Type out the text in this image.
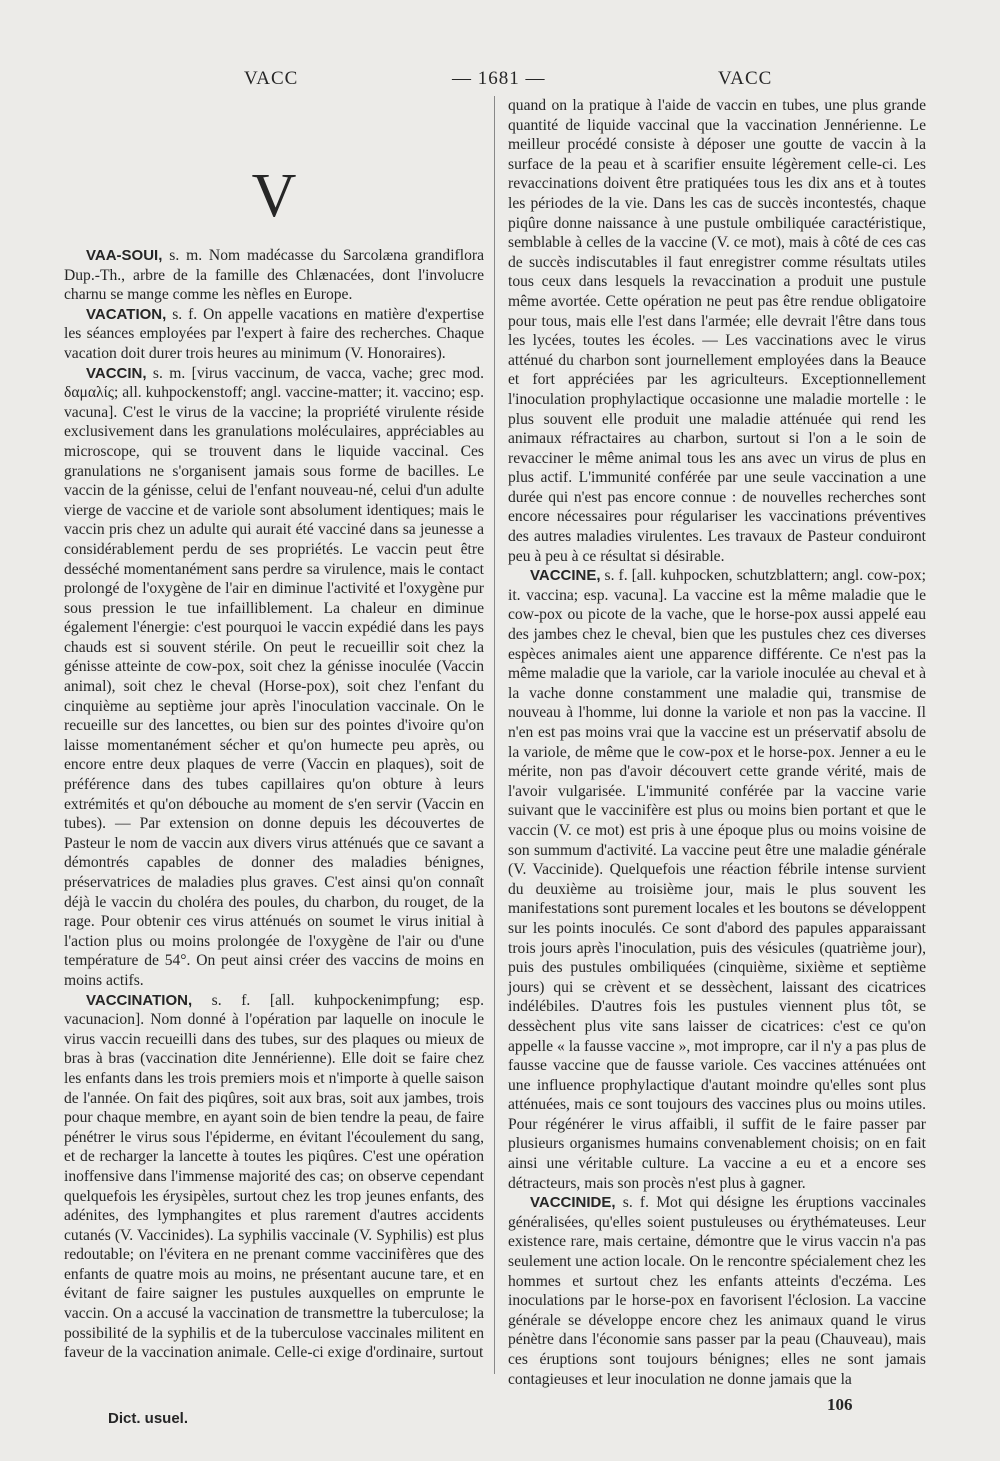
VACC	— 1681 —	VACC
V

VAA-SOUI, s. m. Nom madécasse du Sarcolæna grandiflora Dup.-Th., arbre de la famille des Chlænacées, dont l'involucre charnu se mange comme les nèfles en Europe.

VACATION, s. f. On appelle vacations en matière d'expertise les séances employées par l'expert à faire des recherches. Chaque vacation doit durer trois heures au minimum (V. Honoraires).

VACCIN, s. m. [virus vaccinum, de vacca, vache; grec mod. δαμαλίς; all. kuhpockenstoff; angl. vaccine-matter; it. vaccino; esp. vacuna]. C'est le virus de la vaccine; la propriété virulente réside exclusivement dans les granulations moléculaires, appréciables au microscope, qui se trouvent dans le liquide vaccinal. Ces granulations ne s'organisent jamais sous forme de bacilles. Le vaccin de la génisse, celui de l'enfant nouveau-né, celui d'un adulte vierge de vaccine et de variole sont absolument identiques; mais le vaccin pris chez un adulte qui aurait été vacciné dans sa jeunesse a considérablement perdu de ses propriétés. Le vaccin peut être desséché momentanément sans perdre sa virulence, mais le contact prolongé de l'oxygène de l'air en diminue l'activité et l'oxygène pur sous pression le tue infailliblement. La chaleur en diminue également l'énergie: c'est pourquoi le vaccin expédié dans les pays chauds est si souvent stérile. On peut le recueillir soit chez la génisse atteinte de cow-pox, soit chez la génisse inoculée (Vaccin animal), soit chez le cheval (Horse-pox), soit chez l'enfant du cinquième au septième jour après l'inoculation vaccinale. On le recueille sur des lancettes, ou bien sur des pointes d'ivoire qu'on laisse momentanément sécher et qu'on humecte peu après, ou encore entre deux plaques de verre (Vaccin en plaques), soit de préférence dans des tubes capillaires qu'on obture à leurs extrémités et qu'on débouche au moment de s'en servir (Vaccin en tubes). — Par extension on donne depuis les découvertes de Pasteur le nom de vaccin aux divers virus atténués que ce savant a démontrés capables de donner des maladies bénignes, préservatrices de maladies plus graves. C'est ainsi qu'on connaît déjà le vaccin du choléra des poules, du charbon, du rouget, de la rage. Pour obtenir ces virus atténués on soumet le virus initial à l'action plus ou moins prolongée de l'oxygène de l'air ou d'une température de 54°. On peut ainsi créer des vaccins de moins en moins actifs.

VACCINATION, s. f. [all. kuhpockenimpfung; esp. vacunacion]. Nom donné à l'opération par laquelle on inocule le virus vaccin recueilli dans des tubes, sur des plaques ou mieux de bras à bras (vaccination dite Jennérienne). Elle doit se faire chez les enfants dans les trois premiers mois et n'importe à quelle saison de l'année. On fait des piqûres, soit aux bras, soit aux jambes, trois pour chaque membre, en ayant soin de bien tendre la peau, de faire pénétrer le virus sous l'épiderme, en évitant l'écoulement du sang, et de recharger la lancette à toutes les piqûres. C'est une opération inoffensive dans l'immense majorité des cas; on observe cependant quelquefois les érysipèles, surtout chez les trop jeunes enfants, des adénites, des lymphangites et plus rarement d'autres accidents cutanés (V. Vaccinides). La syphilis vaccinale (V. Syphilis) est plus redoutable; on l'évitera en ne prenant comme vaccinifères que des enfants de quatre mois au moins, ne présentant aucune tare, et en évitant de faire saigner les pustules auxquelles on emprunte le vaccin. On a accusé la vaccination de transmettre la tuberculose; la possibilité de la syphilis et de la tuberculose vaccinales militent en faveur de la vaccination animale. Celle-ci exige d'ordinaire, surtout

quand on la pratique à l'aide de vaccin en tubes, une plus grande quantité de liquide vaccinal que la vaccination Jennérienne. Le meilleur procédé consiste à déposer une goutte de vaccin à la surface de la peau et à scarifier ensuite légèrement celle-ci. Les revaccinations doivent être pratiquées tous les dix ans et à toutes les périodes de la vie. Dans les cas de succès incontestés, chaque piqûre donne naissance à une pustule ombiliquée caractéristique, semblable à celles de la vaccine (V. ce mot), mais à côté de ces cas de succès indiscutables il faut enregistrer comme résultats utiles tous ceux dans lesquels la revaccination a produit une pustule même avortée. Cette opération ne peut pas être rendue obligatoire pour tous, mais elle l'est dans l'armée; elle devrait l'être dans tous les lycées, toutes les écoles. — Les vaccinations avec le virus atténué du charbon sont journellement employées dans la Beauce et fort appréciées par les agriculteurs. Exceptionnellement l'inoculation prophylactique occasionne une maladie mortelle : le plus souvent elle produit une maladie atténuée qui rend les animaux réfractaires au charbon, surtout si l'on a le soin de revacciner le même animal tous les ans avec un virus de plus en plus actif. L'immunité conférée par une seule vaccination a une durée qui n'est pas encore connue : de nouvelles recherches sont encore nécessaires pour régulariser les vaccinations préventives des autres maladies virulentes. Les travaux de Pasteur conduiront peu à peu à ce résultat si désirable.

VACCINE, s. f. [all. kuhpocken, schutzblattern; angl. cow-pox; it. vaccina; esp. vacuna]. La vaccine est la même maladie que le cow-pox ou picote de la vache, que le horse-pox aussi appelé eau des jambes chez le cheval, bien que les pustules chez ces diverses espèces animales aient une apparence différente. Ce n'est pas la même maladie que la variole, car la variole inoculée au cheval et à la vache donne constamment une maladie qui, transmise de nouveau à l'homme, lui donne la variole et non pas la vaccine. Il n'en est pas moins vrai que la vaccine est un préservatif absolu de la variole, de même que le cow-pox et le horse-pox. Jenner a eu le mérite, non pas d'avoir découvert cette grande vérité, mais de l'avoir vulgarisée. L'immunité conférée par la vaccine varie suivant que le vaccinifère est plus ou moins bien portant et que le vaccin (V. ce mot) est pris à une époque plus ou moins voisine de son summum d'activité. La vaccine peut être une maladie générale (V. Vaccinide). Quelquefois une réaction fébrile intense survient du deuxième au troisième jour, mais le plus souvent les manifestations sont purement locales et les boutons se développent sur les points inoculés. Ce sont d'abord des papules apparaissant trois jours après l'inoculation, puis des vésicules (quatrième jour), puis des pustules ombiliquées (cinquième, sixième et septième jours) qui se crèvent et se dessèchent, laissant des cicatrices indélébiles. D'autres fois les pustules viennent plus tôt, se dessèchent plus vite sans laisser de cicatrices: c'est ce qu'on appelle « la fausse vaccine », mot impropre, car il n'y a pas plus de fausse vaccine que de fausse variole. Ces vaccines atténuées ont une influence prophylactique d'autant moindre qu'elles sont plus atténuées, mais ce sont toujours des vaccines plus ou moins utiles. Pour régénérer le virus affaibli, il suffit de le faire passer par plusieurs organismes humains convenablement choisis; on en fait ainsi une véritable culture. La vaccine a eu et a encore ses détracteurs, mais son procès n'est plus à gagner.

VACCINIDE, s. f. Mot qui désigne les éruptions vaccinales généralisées, qu'elles soient pustuleuses ou érythémateuses. Leur existence rare, mais certaine, démontre que le virus vaccin n'a pas seulement une action locale. On le rencontre spécialement chez les hommes et surtout chez les enfants atteints d'eczéma. Les inoculations par le horse-pox en favorisent l'éclosion. La vaccine générale se développe encore chez les animaux quand le virus pénètre dans l'économie sans passer par la peau (Chauveau), mais ces éruptions sont toujours bénignes; elles ne sont jamais contagieuses et leur inoculation ne donne jamais que la

Dict. usuel.
106
